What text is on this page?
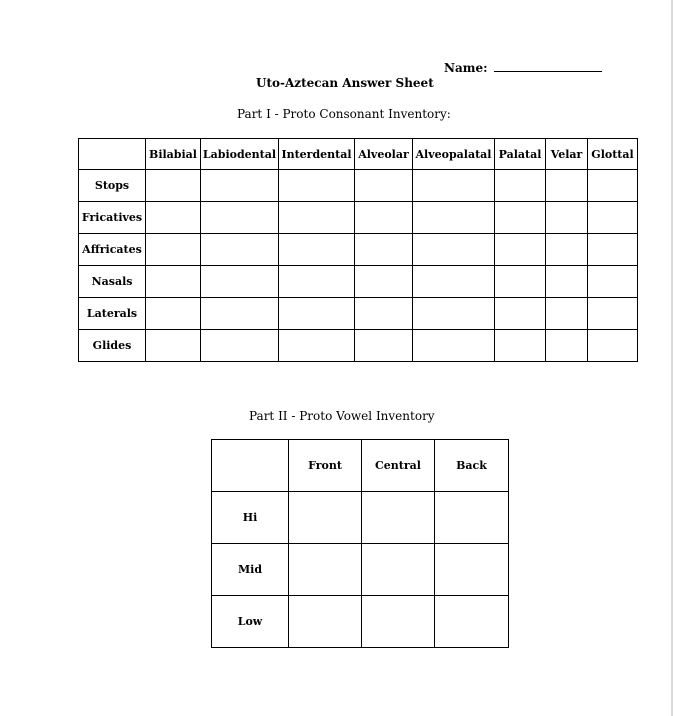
Name:
Uto-Aztecan Answer Sheet
Part I - Proto Consonant Inventory:
	Bilabial	Labiodental	Interdental	Alveolar	Alveopalatal	Palatal	Velar	Glottal
Stops								
Fricatives								
Affricates								
Nasals								
Laterals								
Glides								
Part II - Proto Vowel Inventory
	Front	Central	Back
Hi			
Mid			
Low			
